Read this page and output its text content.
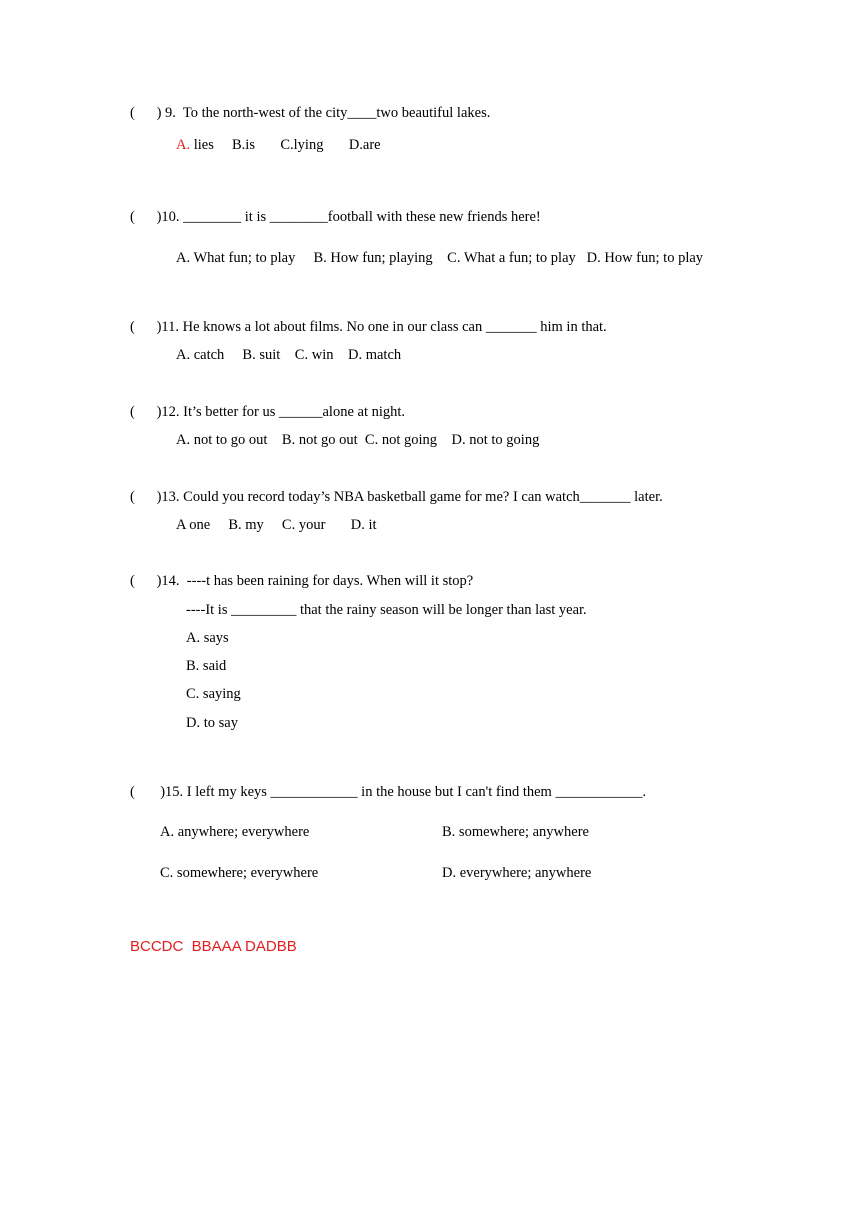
(      ) 9.  To the north-west of the city____two beautiful lakes.
A. lies     B.is       C.lying       D.are
(      )10. ________ it is ________football with these new friends here!
A. What fun; to play     B. How fun; playing    C. What a fun; to play   D. How fun; to play
(      )11. He knows a lot about films. No one in our class can _______ him in that.
A. catch     B. suit    C. win    D. match
(      )12. It’s better for us ______alone at night.
A. not to go out    B. not go out  C. not going    D. not to going
(      )13. Could you record today’s NBA basketball game for me? I can watch_______ later.
A one     B. my     C. your       D. it
(      )14.  ----t has been raining for days. When will it stop?
----It is _________ that the rainy season will be longer than last year.
A. says
B. said
C. saying
D. to say
(       )15. I left my keys ____________ in the house but I can't find them ____________.
A. anywhere; everywhere	B. somewhere; anywhere
C. somewhere; everywhere	D. everywhere; anywhere
BCCDC  BBAAA DADBB
